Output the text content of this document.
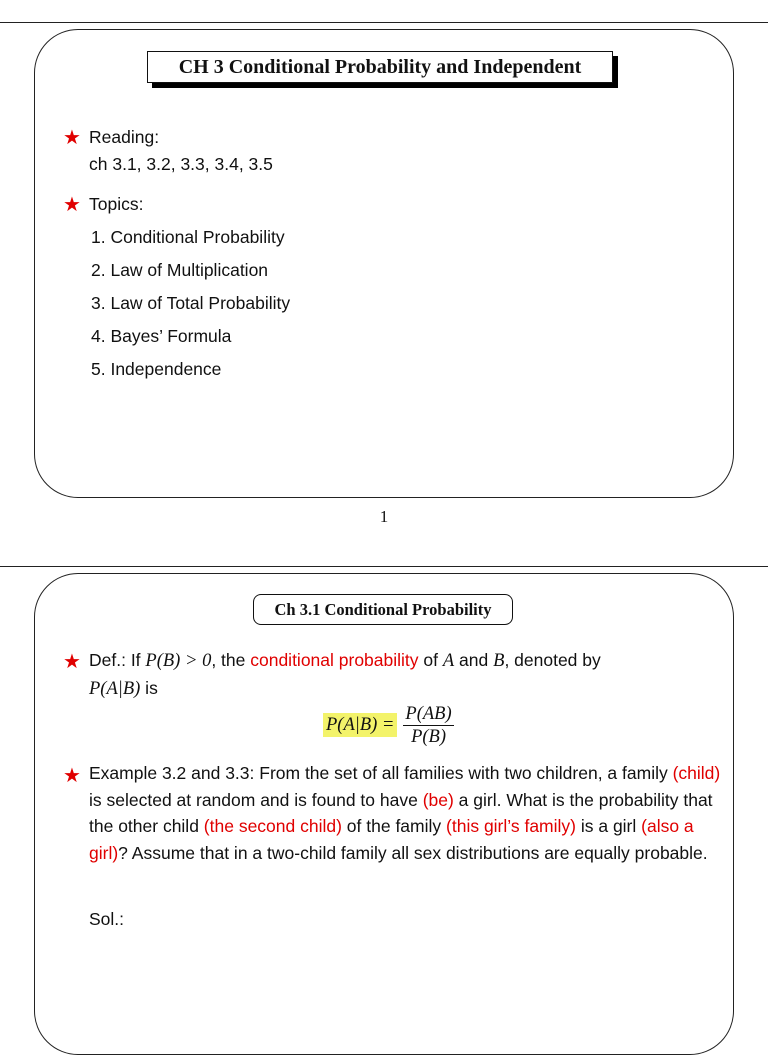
CH 3 Conditional Probability and Independent
★ Reading:
ch 3.1, 3.2, 3.3, 3.4, 3.5
★ Topics:
1. Conditional Probability
2. Law of Multiplication
3. Law of Total Probability
4. Bayes’ Formula
5. Independence
1
Ch 3.1 Conditional Probability
★ Def.: If P(B) > 0, the conditional probability of A and B, denoted by
P(A|B) is
$P(A|B) = \frac{P(AB)}{P(B)}$
★ Example 3.2 and 3.3: From the set of all families with two children, a family (child) is selected at random and is found to have (be) a girl. What is the probability that the other child (the second child) of the family (this girl’s family) is a girl (also a girl)? Assume that in a two-child family all sex distributions are equally probable.
Sol.:
